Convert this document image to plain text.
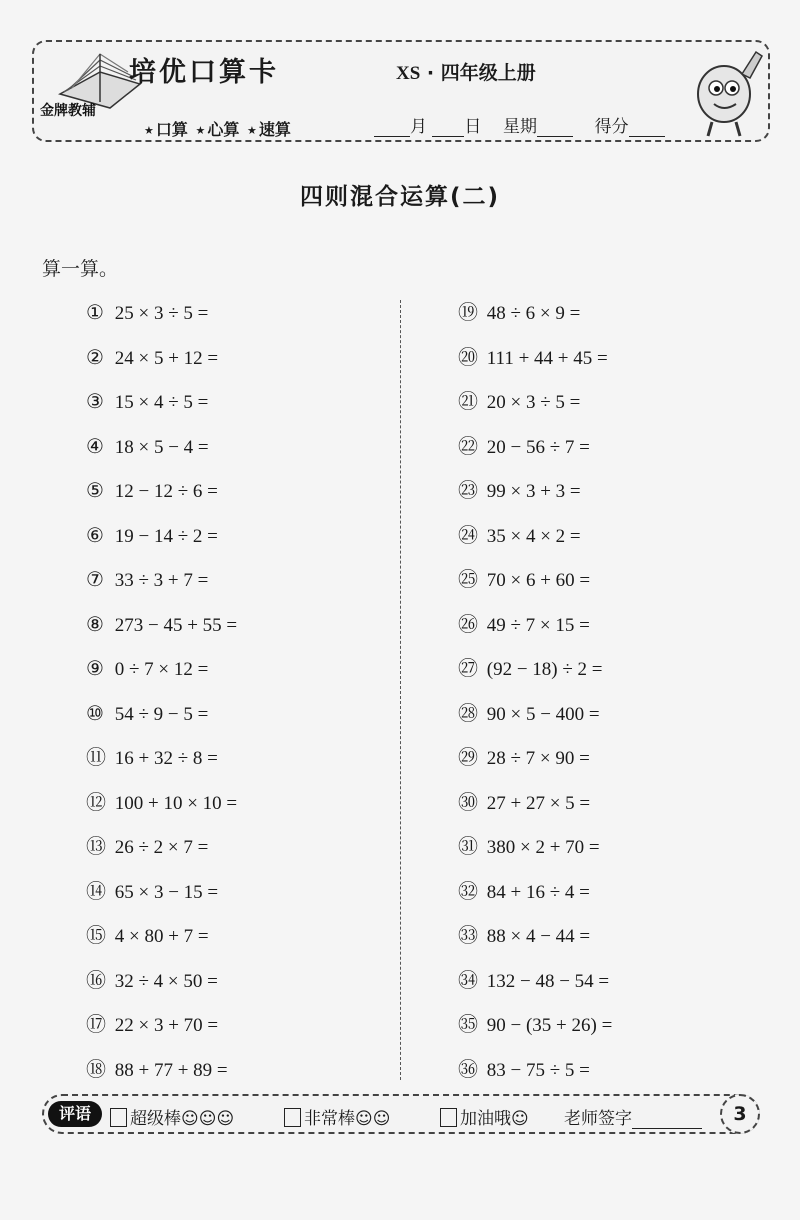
金牌教辅
培优口算卡	XS · 四年级上册
★ 口算 ★ 心算 ★ 速算	月 日 星期	得分
四则混合运算(二)
算一算。
① 25 × 3 ÷ 5 =
② 24 × 5 + 12 =
③ 15 × 4 ÷ 5 =
④ 18 × 5 − 4 =
⑤ 12 − 12 ÷ 6 =
⑥ 19 − 14 ÷ 2 =
⑦ 33 ÷ 3 + 7 =
⑧ 273 − 45 + 55 =
⑨ 0 ÷ 7 × 12 =
⑩ 54 ÷ 9 − 5 =
⑪ 16 + 32 ÷ 8 =
⑫ 100 + 10 × 10 =
⑬ 26 ÷ 2 × 7 =
⑭ 65 × 3 − 15 =
⑮ 4 × 80 + 7 =
⑯ 32 ÷ 4 × 50 =
⑰ 22 × 3 + 70 =
⑱ 88 + 77 + 89 =
⑲ 48 ÷ 6 × 9 =
⑳ 111 + 44 + 45 =
㉑ 20 × 3 ÷ 5 =
㉒ 20 − 56 ÷ 7 =
㉓ 99 × 3 + 3 =
㉔ 35 × 4 × 2 =
㉕ 70 × 6 + 60 =
㉖ 49 ÷ 7 × 15 =
㉗ (92 − 18) ÷ 2 =
㉘ 90 × 5 − 400 =
㉙ 28 ÷ 7 × 90 =
㉚ 27 + 27 × 5 =
㉛ 380 × 2 + 70 =
㉜ 84 + 16 ÷ 4 =
㉝ 88 × 4 − 44 =
㉞ 132 − 48 − 54 =
㉟ 90 − (35 + 26) =
㊱ 83 − 75 ÷ 5 =
评语	超级棒☺☺☺	非常棒☺☺	加油哦☺ 老师签字	3
